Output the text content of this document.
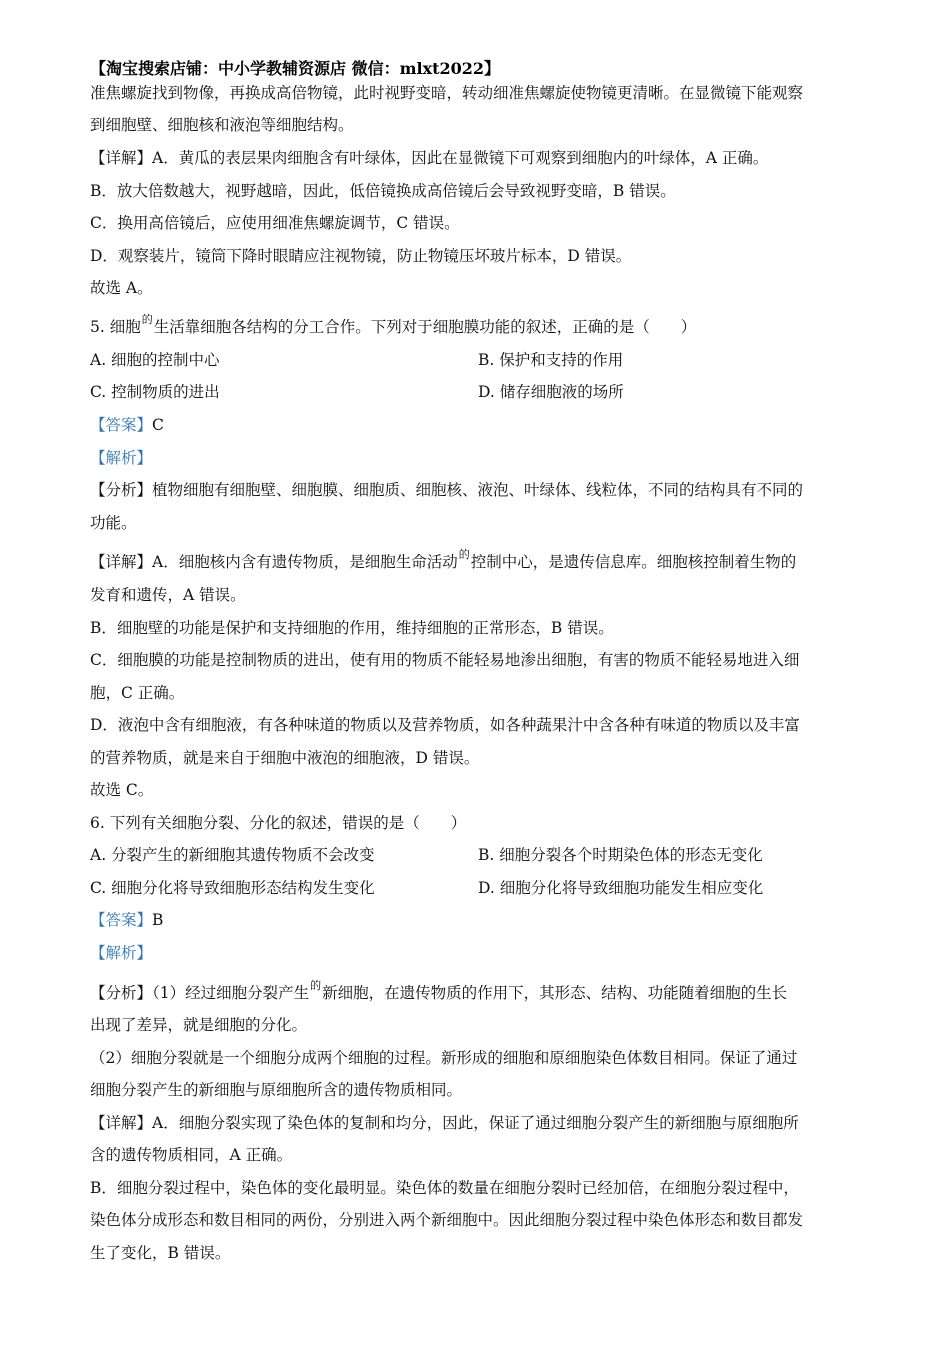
【淘宝搜索店铺：中小学教辅资源店 微信：mlxt2022】
准焦螺旋找到物像，再换成高倍物镜，此时视野变暗，转动细准焦螺旋使物镜更清晰。在显微镜下能观察
到细胞壁、细胞核和液泡等细胞结构。
【详解】A．黄瓜的表层果肉细胞含有叶绿体，因此在显微镜下可观察到细胞内的叶绿体，A 正确。
B．放大倍数越大，视野越暗，因此，低倍镜换成高倍镜后会导致视野变暗，B 错误。
C．换用高倍镜后，应使用细准焦螺旋调节，C 错误。
D．观察装片，镜筒下降时眼睛应注视物镜，防止物镜压坏玻片标本，D 错误。
故选 A。
5. 细胞$^的$生活靠细胞各结构的分工合作。下列对于细胞膜功能的叙述，正确的是（　　）
A. 细胞的控制中心	B. 保护和支持的作用
C. 控制物质的进出	D. 储存细胞液的场所
【答案】C
【解析】
【分析】植物细胞有细胞壁、细胞膜、细胞质、细胞核、液泡、叶绿体、线粒体，不同的结构具有不同的
功能。
【详解】A．细胞核内含有遗传物质，是细胞生命活动$^的$控制中心，是遗传信息库。细胞核控制着生物的
发育和遗传，A 错误。
B．细胞壁的功能是保护和支持细胞的作用，维持细胞的正常形态，B 错误。
C．细胞膜的功能是控制物质的进出，使有用的物质不能轻易地渗出细胞，有害的物质不能轻易地进入细
胞，C 正确。
D．液泡中含有细胞液，有各种味道的物质以及营养物质，如各种蔬果汁中含各种有味道的物质以及丰富
的营养物质，就是来自于细胞中液泡的细胞液，D 错误。
故选 C。
6. 下列有关细胞分裂、分化的叙述，错误的是（　　）
A. 分裂产生的新细胞其遗传物质不会改变	B. 细胞分裂各个时期染色体的形态无变化
C. 细胞分化将导致细胞形态结构发生变化	D. 细胞分化将导致细胞功能发生相应变化
【答案】B
【解析】
【分析】（1）经过细胞分裂产生$^的$新细胞，在遗传物质的作用下，其形态、结构、功能随着细胞的生长
出现了差异，就是细胞的分化。
（2）细胞分裂就是一个细胞分成两个细胞的过程。新形成的细胞和原细胞染色体数目相同。保证了通过
细胞分裂产生的新细胞与原细胞所含的遗传物质相同。
【详解】A．细胞分裂实现了染色体的复制和均分，因此，保证了通过细胞分裂产生的新细胞与原细胞所
含的遗传物质相同，A 正确。
B．细胞分裂过程中，染色体的变化最明显。染色体的数量在细胞分裂时已经加倍，在细胞分裂过程中，
染色体分成形态和数目相同的两份，分别进入两个新细胞中。因此细胞分裂过程中染色体形态和数目都发
生了变化，B 错误。
